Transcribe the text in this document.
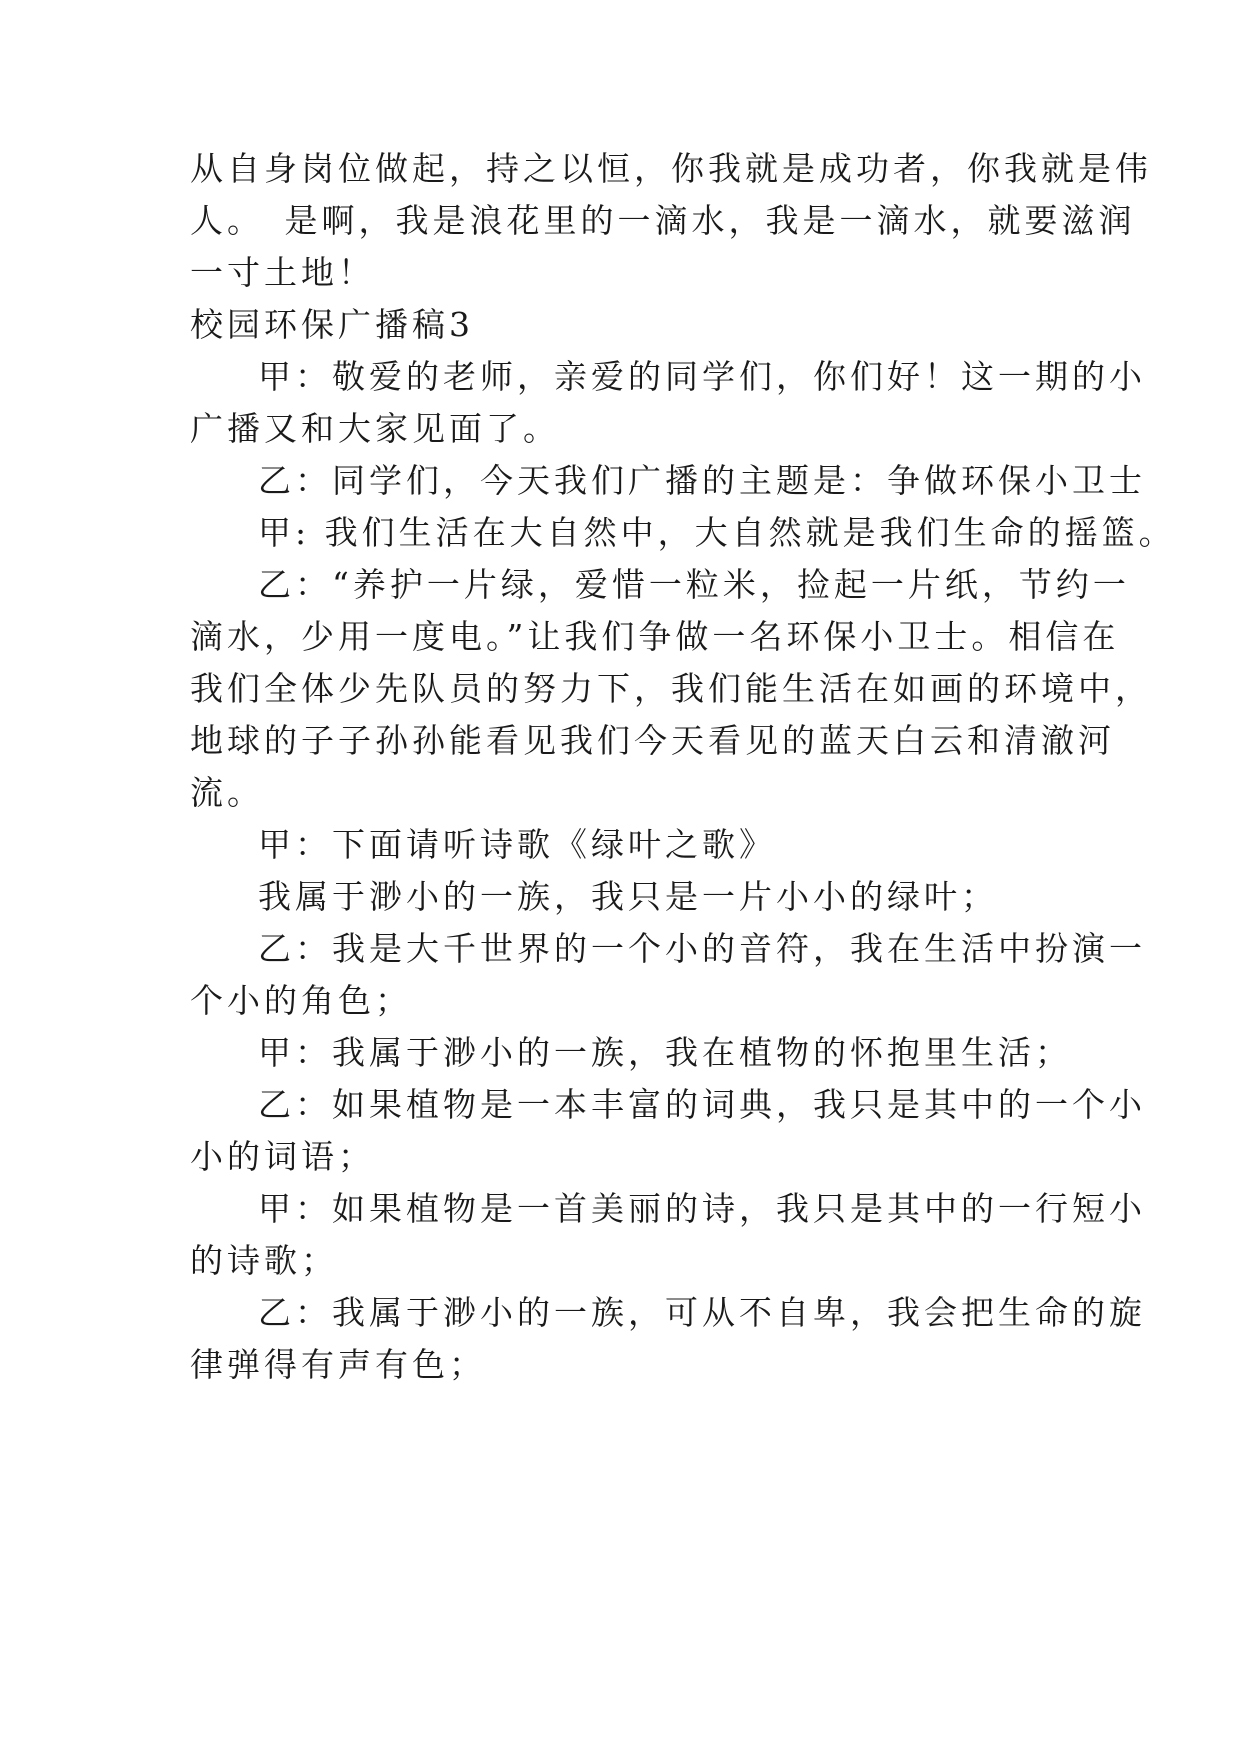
从自身岗位做起，持之以恒，你我就是成功者，你我就是伟
人。　是啊，我是浪花里的一滴水，我是一滴水，就要滋润
一寸土地！
校园环保广播稿3
甲：敬爱的老师，亲爱的同学们，你们好！这一期的小
广播又和大家见面了。
乙：同学们，今天我们广播的主题是：争做环保小卫士
甲: 我们生活在大自然中，大自然就是我们生命的摇篮。
乙：“养护一片绿，爱惜一粒米，捡起一片纸，节约一
滴水，少用一度电。”让我们争做一名环保小卫士。相信在
我们全体少先队员的努力下，我们能生活在如画的环境中，
地球的子子孙孙能看见我们今天看见的蓝天白云和清澈河
流。
甲：下面请听诗歌《绿叶之歌》
我属于渺小的一族，我只是一片小小的绿叶；
乙：我是大千世界的一个小的音符，我在生活中扮演一
个小的角色；
甲：我属于渺小的一族，我在植物的怀抱里生活；
乙：如果植物是一本丰富的词典，我只是其中的一个小
小的词语；
甲：如果植物是一首美丽的诗，我只是其中的一行短小
的诗歌；
乙：我属于渺小的一族，可从不自卑，我会把生命的旋
律弹得有声有色；
